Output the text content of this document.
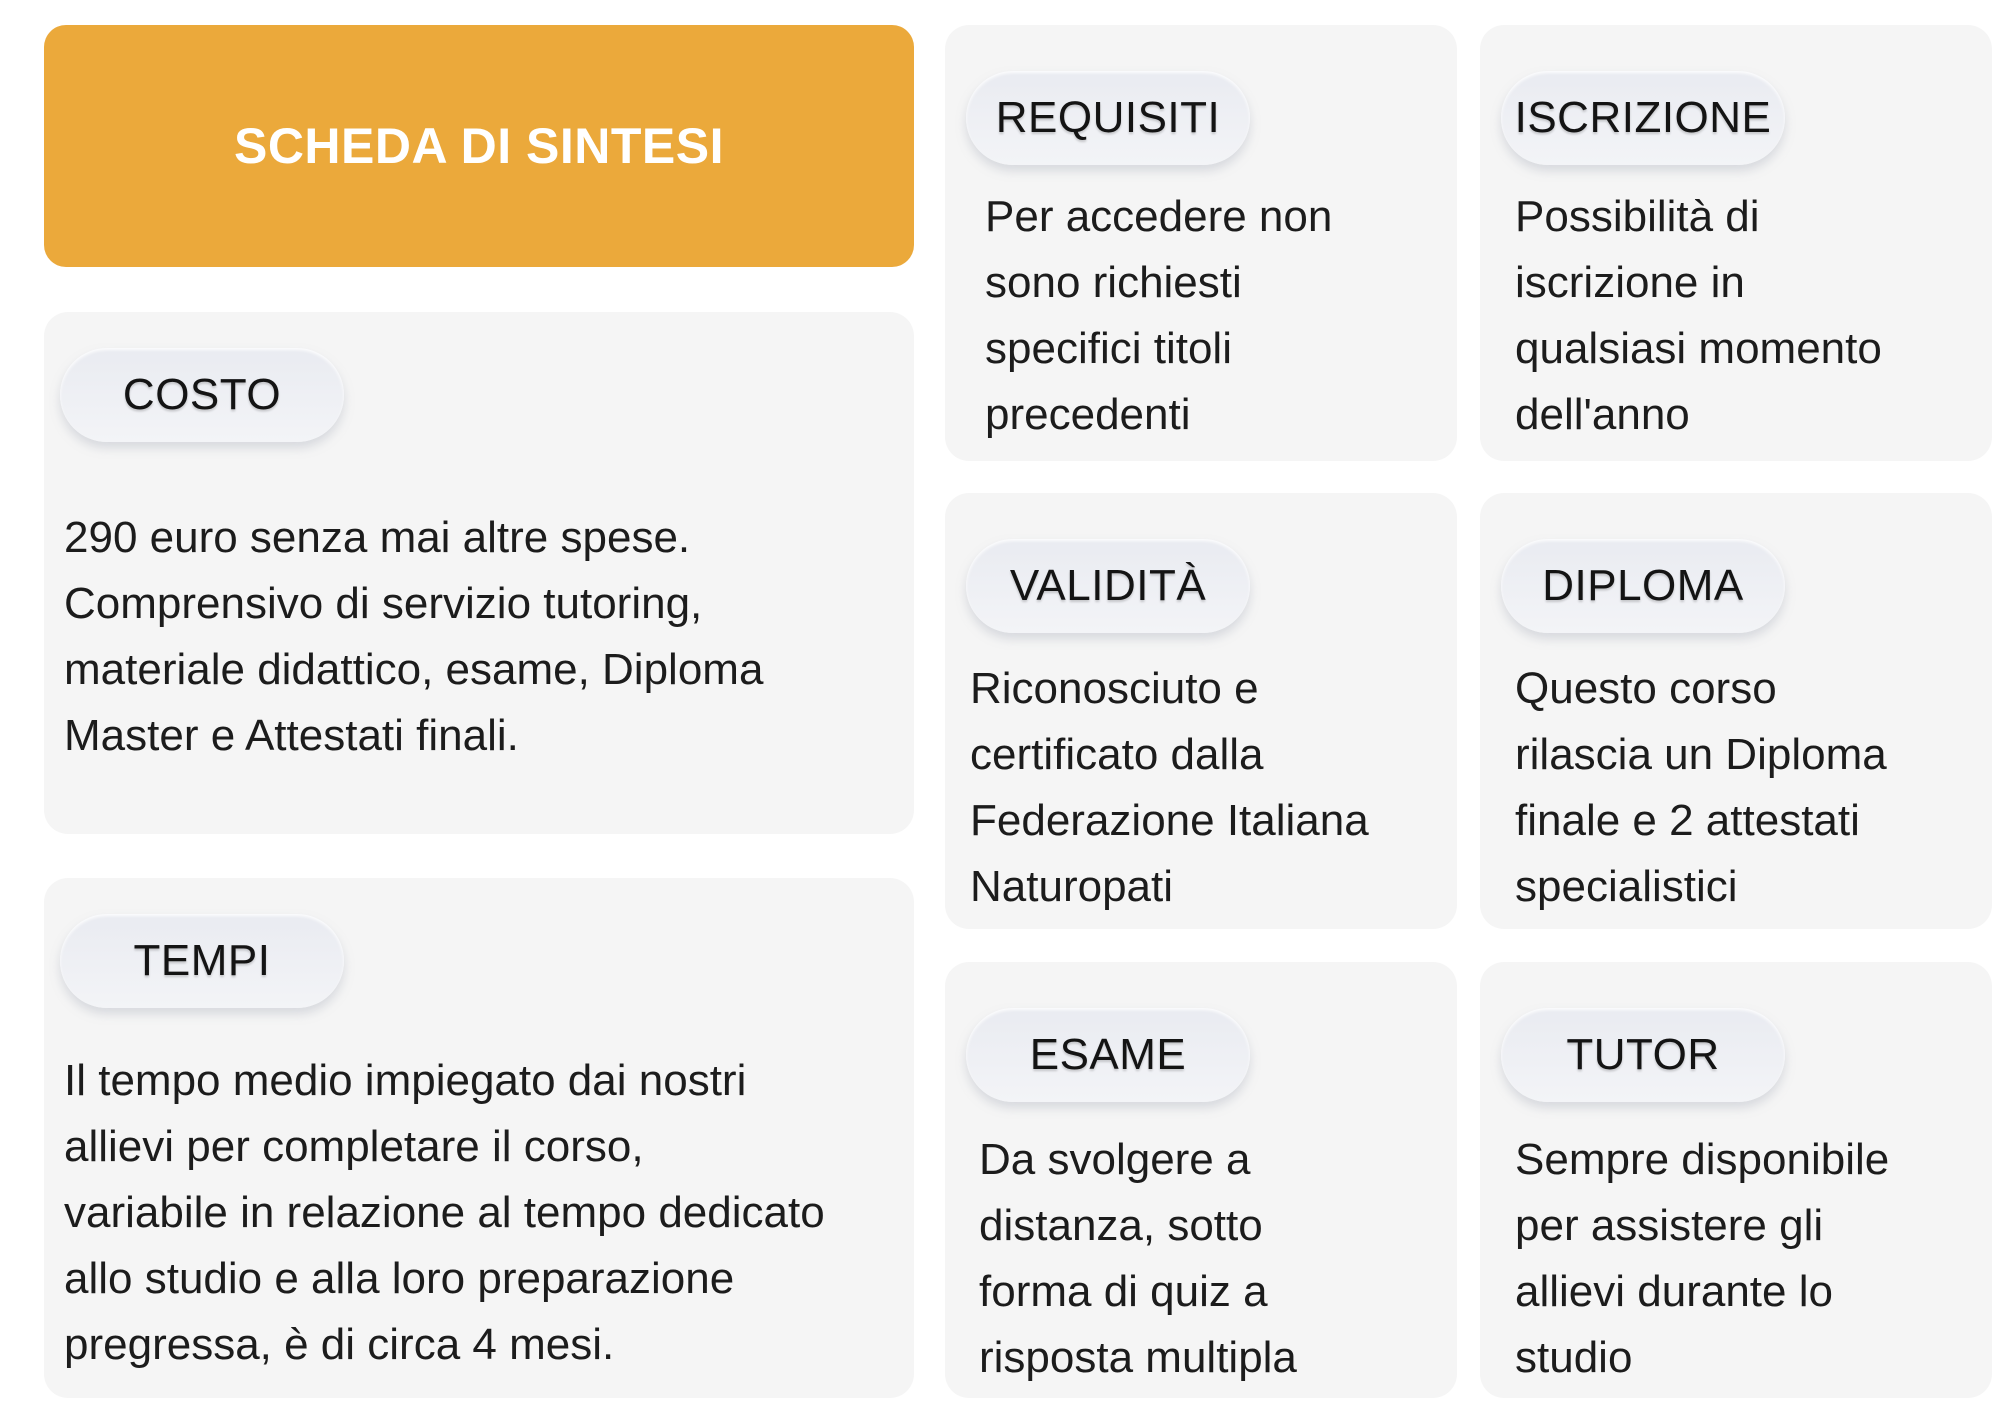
SCHEDA DI SINTESI
COSTO
290 euro senza mai altre spese.
Comprensivo di servizio tutoring,
materiale didattico, esame, Diploma
Master e Attestati finali.
TEMPI
Il tempo medio impiegato dai nostri
allievi per completare il corso,
variabile in relazione al tempo dedicato
allo studio e alla loro preparazione
pregressa, è di circa 4 mesi.
REQUISITI
Per accedere non
sono richiesti
specifici titoli
precedenti
ISCRIZIONE
Possibilità di
iscrizione in
qualsiasi momento
dell'anno
VALIDITÀ
Riconosciuto e
certificato dalla
Federazione Italiana
Naturopati
DIPLOMA
Questo corso
rilascia un Diploma
finale e 2 attestati
specialistici
ESAME
Da svolgere a
distanza, sotto
forma di quiz a
risposta multipla
TUTOR
Sempre disponibile
per assistere gli
allievi durante lo
studio
